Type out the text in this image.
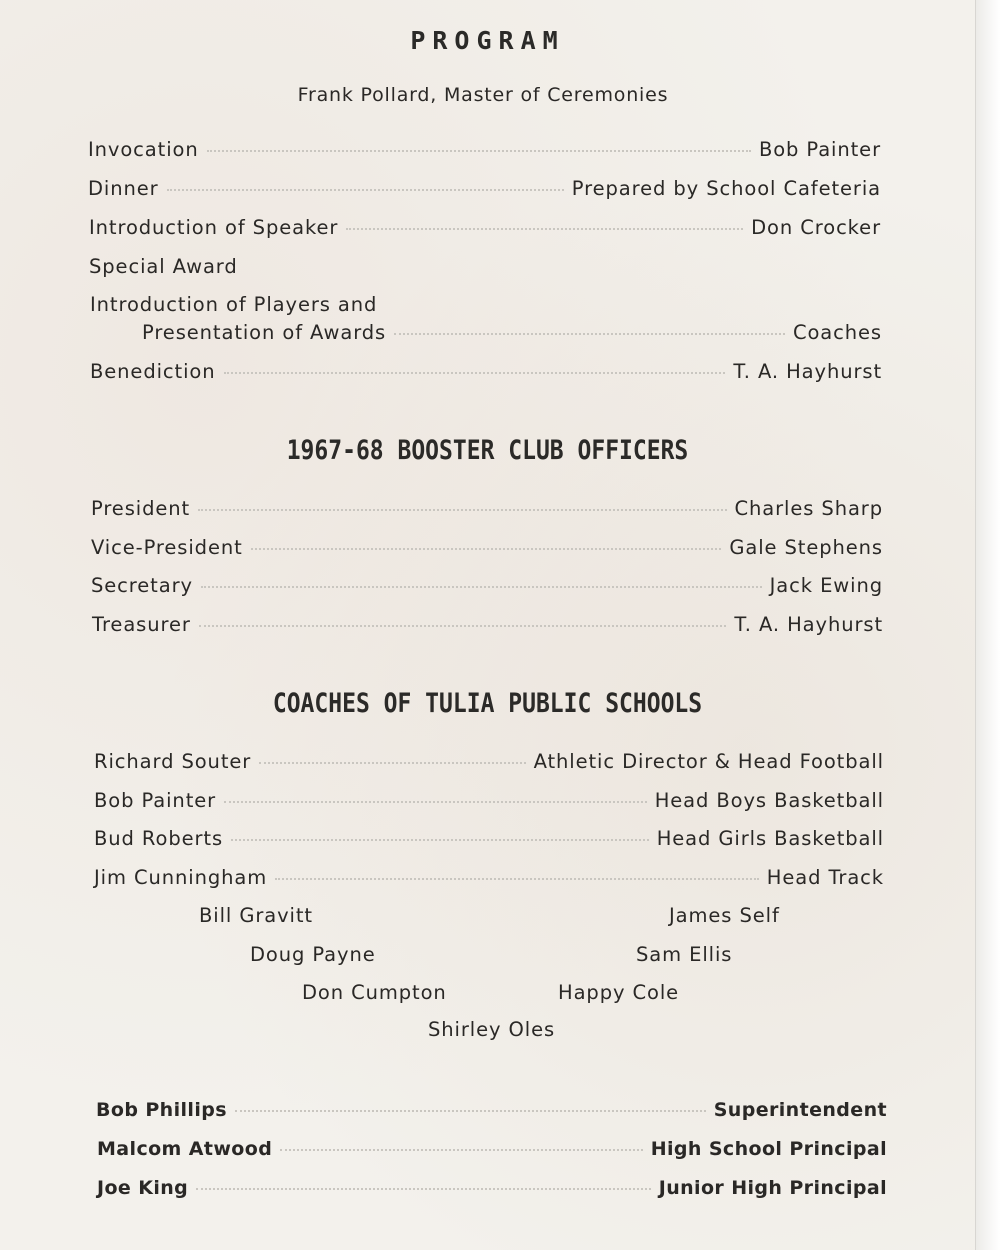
PROGRAM
Frank Pollard, Master of Ceremonies
Invocation	Bob Painter
Dinner	Prepared by School Cafeteria
Introduction of Speaker	Don Crocker
Special Award
Introduction of Players and
Presentation of Awards	Coaches
Benediction	T. A. Hayhurst
1967-68 BOOSTER CLUB OFFICERS
President	Charles Sharp
Vice-President	Gale Stephens
Secretary	Jack Ewing
Treasurer	T. A. Hayhurst
COACHES OF TULIA PUBLIC SCHOOLS
Richard Souter	Athletic Director & Head Football
Bob Painter	Head Boys Basketball
Bud Roberts	Head Girls Basketball
Jim Cunningham	Head Track
Bill Gravitt	James Self
Doug Payne	Sam Ellis
Don Cumpton	Happy Cole
Shirley Oles
Bob Phillips	Superintendent
Malcom Atwood	High School Principal
Joe King	Junior High Principal
